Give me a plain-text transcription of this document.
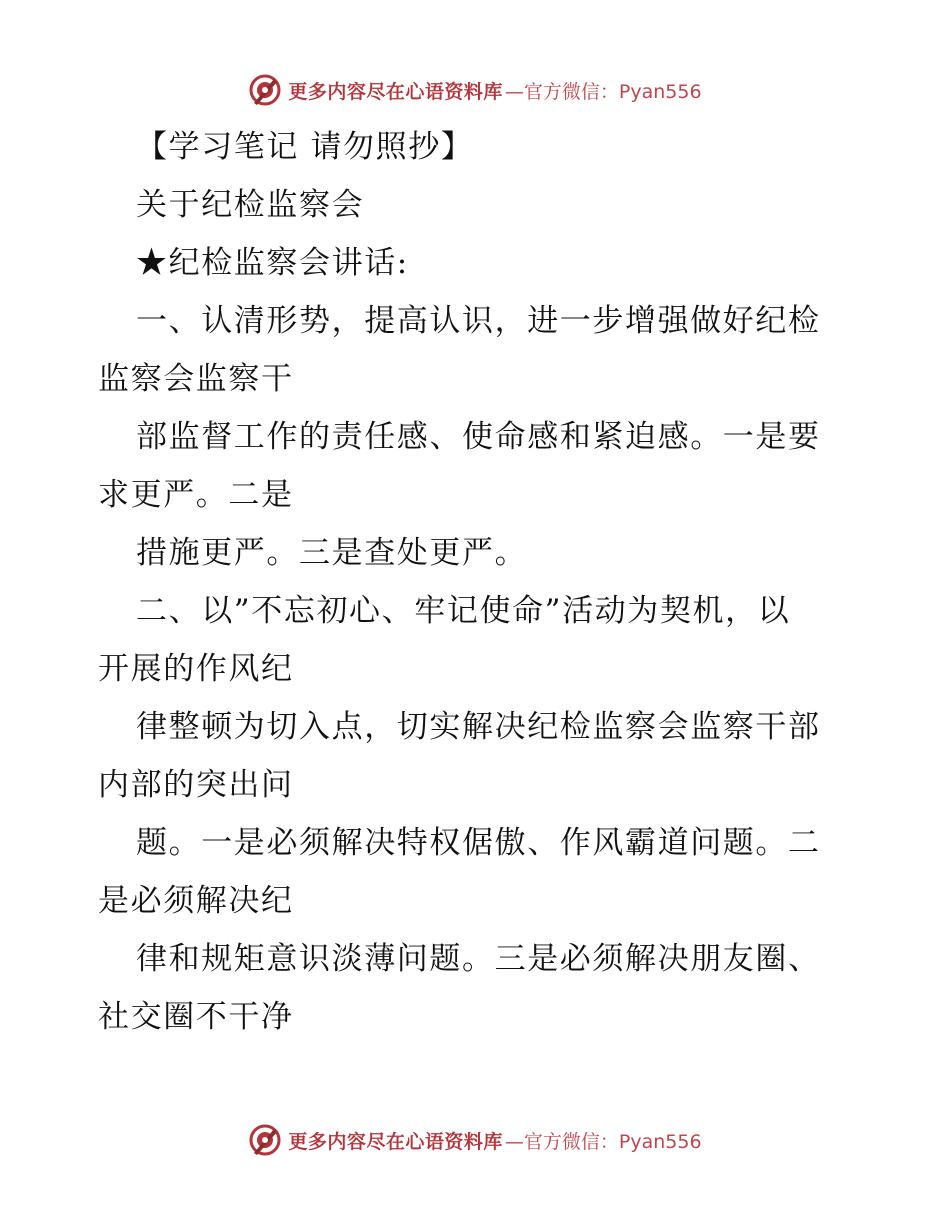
更多内容尽在心语资料库 —官方微信：Pyan556
【学习笔记 请勿照抄】
关于纪检监察会
★纪检监察会讲话:
一、认清形势，提高认识，进一步增强做好纪检
监察会监察干
部监督工作的责任感、使命感和紧迫感。一是要
求更严。二是
措施更严。三是查处更严。
二、以”不忘初心、牢记使命”活动为契机，以
开展的作风纪
律整顿为切入点，切实解决纪检监察会监察干部
内部的突出问
题。一是必须解决特权倨傲、作风霸道问题。二
是必须解决纪
律和规矩意识淡薄问题。三是必须解决朋友圈、
社交圈不干净
更多内容尽在心语资料库 —官方微信：Pyan556
